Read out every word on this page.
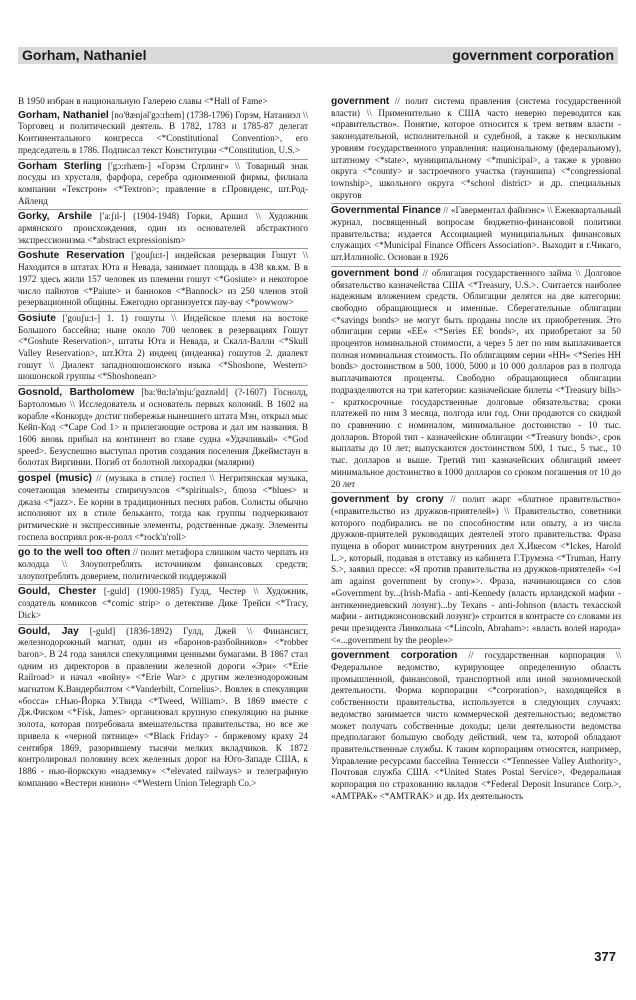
Gorham, Nathaniel	government corporation
В 1950 избран в национальную Галерею славы <*Hall of Fame>
Gorham, Nathaniel [no'θænjəl'gɔ:rhem] (1738-1796) Горэм, Натаниэл \\ Торговец и политический деятель. В 1782, 1783 и 1785-87 делегат Континентального конгресса <*Constitutional Convention>, его председатель в 1786. Подписал текст Конституции <*Constitution, U.S.>
Gorham Sterling ['gɔ:rhæm-] «Горэм Стрлинг» \\ Товарный знак посуды из хрусталя, фарфора, серебра одноименной фирмы, филиала компании «Текстрон» <*Textron>; правление в г.Провиденс, шт.Род-Айленд
Gorky, Arshile ['a:ʃɪl-] (1904-1948) Горки, Аршил \\ Художник армянского происхождения, один из основателей абстрактного экспрессионизма <*abstract expressionism>
Goshute Reservation ['gouʃu:t-] индейская резервация Гошут \\ Находится в штатах Юта и Невада, занимает площадь в 438 кв.км. В в 1972 здесь жили 157 человек из племени гошут <*Gosiute> и некоторое число пайютов <*Paiute> и банноков <*Bannock> из 250 членов этой резервационной общины. Ежегодно организуется пау-вау <*powwow>
Gosiute ['gouʃu:t-] 1. 1) гошуты \\ Индейское племя на востоке Большого бассейна; ныне около 700 человек в резервациях Гошут <*Goshute Reservation>, штаты Юта и Невада, и Скалл-Валли <*Skull Valley Reservation>, шт.Юта 2) индеец (индеанка) гошутов 2. диалект гошут \\ Диалект западношошонского языка <*Shoshone, Western> шошонской группы <*Shoshonean>
Gosnold, Bartholomew [ba:'θɑ:lə'mju:'gɑznəld] (?-1607) Госнолд, Бартоломью \\ Исследователь и основатель первых колоний. В 1602 на корабле «Конкорд» достиг побережья нынешнего штата Мэн, открыл мыс Кейп-Код <*Cape Cod 1> и прилегающие острова и дал им названия. В 1606 вновь прибыл на континент во главе судна «Удачливый» <*God speed>. Безуспешно выступал против создания поселения Джеймстаун в болотах Виргинии. Погиб от болотной лихорадки (малярии)
gospel (music) // (музыка в стиле) госпел \\ Негритянская музыка, сочетающая элементы спиричуэлсов <*spirituals>, блюза <*blues> и джаза <*jazz>. Ее корни в традиционных песнях рабов. Солисты обычно исполняют их в стиле бельканто, тогда как группы подчеркивают ритмические и экспрессивные элементы, родственные джазу. Элементы госпела восприял рок-н-ролл <*rock'n'roll>
go to the well too often // полит метафора слишком часто черпать из колодца \\ Злоупотреблять источником финансовых средств; злоупотреблять доверием, политической поддержкой
Gould, Chester [-guld] (1900-1985) Гулд, Честер \\ Художник, создатель комиксов <*comic strip> о детективе Дике Трейси <*Tracy, Dick>
Gould, Jay [-guld] (1836-1892) Гулд, Джей \\ Финансист, железнодорожный магнат, один из «баронов-разбойников» <*robber baron>. В 24 года занялся спекуляциями ценными бумагами. В 1867 стал одним из директоров в правлении железной дороги «Эри» <*Erie Railroad> и начал «войну» <*Erie War> с другим железнодорожным магнатом К.Вандербилтом <*Vanderbilt, Cornelius>. Вовлек в спекуляции «босса» г.Нью-Йорка У.Твида <*Tweed, William>. В 1869 вместе с Дж.Фиском <*Fisk, James> организовал крупную спекуляцию на рынке золота, которая потребовала вмешательства правительства, но все же привела к «черной пятнице» <*Black Friday> - биржевому краху 24 сентября 1869, разорившему тысячи мелких вкладчиков. К 1872 контролировал половину всех железных дорог на Юго-Западе США, к 1886 - нью-йоркскую «надземку» <*elevated railways> и телеграфную компанию «Вестерн юнион» <*Western Union Telegraph Co.>
government // полит система правления (система государственной власти) \\ Применительно к США часто неверно переводится как «правительство». Понятие, которое относится к трем ветвям власти - законодательной, исполнительной и судебной, а также к нескольким уровням государственного управления: национальному (федеральному), штатному <*state>, муниципальному <*municipal>, а также к уровню округа <*county> и застроечного участка (тауншипа) <*congressional township>, школьного округа <*school district> и др. специальных округов
Governmental Finance // «Гаверментал файнэнс» \\ Ежеквартальный журнал, посвященный вопросам бюджетно-финансовой политики правительства; издается Ассоциацией муниципальных финансовых служащих <*Municipal Finance Officers Association>. Выходит в г.Чикаго, шт.Иллинойс. Основан в 1926
government bond // облигация государственного займа \\ Долговое обязательство казначейства США <*Treasury, U.S.>. Считается наиболее надежным вложением средств. Облигации делятся на две категории: свободно обращающиеся и именные. Сберегательные облигации <*savings bonds> не могут быть проданы после их приобретения. Это облигации серии «EE» <*Series EE bonds>, их приобретают за 50 процентов номинальной стоимости, а через 5 лет по ним выплачивается полная номинальная стоимость. По облигациям серии «HH» <*Series HH bonds> достоинством в 500, 1000, 5000 и 10 000 долларов раз в полгода выплачиваются проценты. Свободно обращающиеся облигации подразделяются на три категории: казначейские билеты <*Treasury bills> - краткосрочные государственные долговые обязательства; сроки платежей по ним 3 месяца, полгода или год. Они продаются со скидкой по сравнению с номиналом, минимальное достоинство - 10 тыс. долларов. Второй тип - казначейские облигации <*Treasury bonds>, срок выплаты до 10 лет; выпускаются достоинством 500, 1 тыс., 5 тыс., 10 тыс. долларов и выше. Третий тип казначейских облигаций имеет минимальное достоинство в 1000 долларов со сроком погашения от 10 до 20 лет
government by crony // полит жарг «блатное правительство» («правительство из дружков-приятелей») \\ Правительство, советники которого подбирались не по способностям или опыту, а из числа дружков-приятелей руководящих деятелей этого правительства. Фраза пущена в оборот министром внутренних дел Х.Икесом <*Ickes, Harold L.>, который, подавая в отставку из кабинета Г.Трумэна <*Truman, Harry S.>, заявил прессе: «Я против правительства из дружков-приятелей» <«I am against government by crony»>. Фраза, начинающаяся со слов «Government by...(Irish-Mafia - anti-Kennedy (власть ирландской мафии - антикеннедиевский лозунг)...by Texans - anti-Johnson (власть техасской мафии - антиджонсоновский лозунг)» строится в контрасте со словами из речи президента Линкольна <*Lincoln, Abraham>: «власть волей народа» <«...government by the people»>
government corporation // государственная корпорация \\ Федеральное ведомство, курирующее определенную область промышленной, финансовой, транспортной или иной экономической деятельности. Форма корпорации <*corporation>, находящейся в собственности правительства, используется в следующих случаях: ведомство занимается чисто коммерческой деятельностью; ведомство может получать собственные доходы; цели деятельности ведомства предполагают большую свободу действий, чем та, которой обладают правительственные службы. К таким корпорациям относятся, например, Управление ресурсами бассейна Теннесси <*Tennessee Valley Authority>, Почтовая служба США <*United States Postal Service>, Федеральная корпорация по страхованию вкладов <*Federal Deposit Insurance Corp.>, «АМТРАК» <*AMTRAK> и др. Их деятельность
377
